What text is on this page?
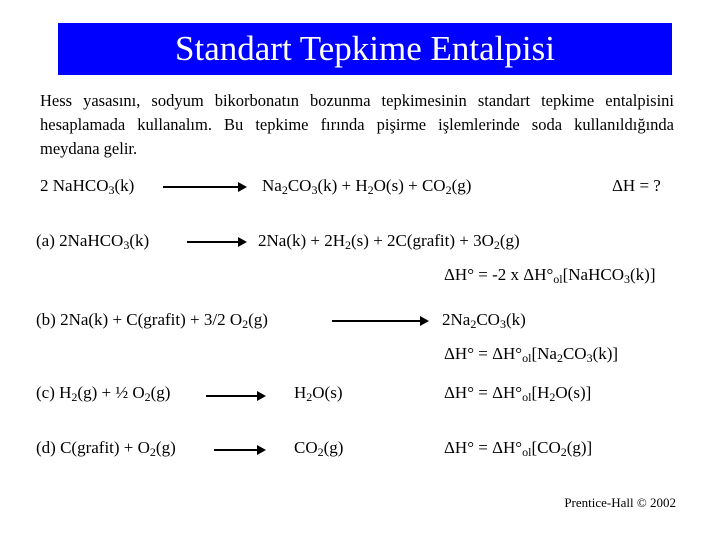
Standart Tepkime Entalpisi
Hess yasasını, sodyum bikorbonatın bozunma tepkimesinin standart tepkime entalpisini hesaplamada kullanalım. Bu tepkime fırında pişirme işlemlerinde soda kullanıldığında meydana gelir.
2 NaHCO$_3$(k)	$Na_2CO_3(k) + H_2O(s) + CO_2(g)$	ΔH = ?
(a) 2NaHCO$_3$(k)	$2Na(k) + 2H_2(s)$ + 2C(grafit) + $3O_2(g)$
ΔH° = -2 x $\Delta H^\circ_{ol}[NaHCO_3(k)]$
(b) 2Na(k) + C(grafit) + 3/2 $O_2(g)$	$2Na_2CO_3(k)$
$\Delta H^\circ = \Delta H^\circ_{ol}[Na_2CO_3(k)]$
(c) $H_2(g)$ + ½ $O_2(g)$	$H_2O(s)$	$\Delta H^\circ = \Delta H^\circ_{ol}[H_2O(s)]$
(d) C(grafit) + $O_2(g)$	$CO_2(g)$	$\Delta H^\circ = \Delta H^\circ_{ol}[CO_2(g)]$
Prentice-Hall © 2002
